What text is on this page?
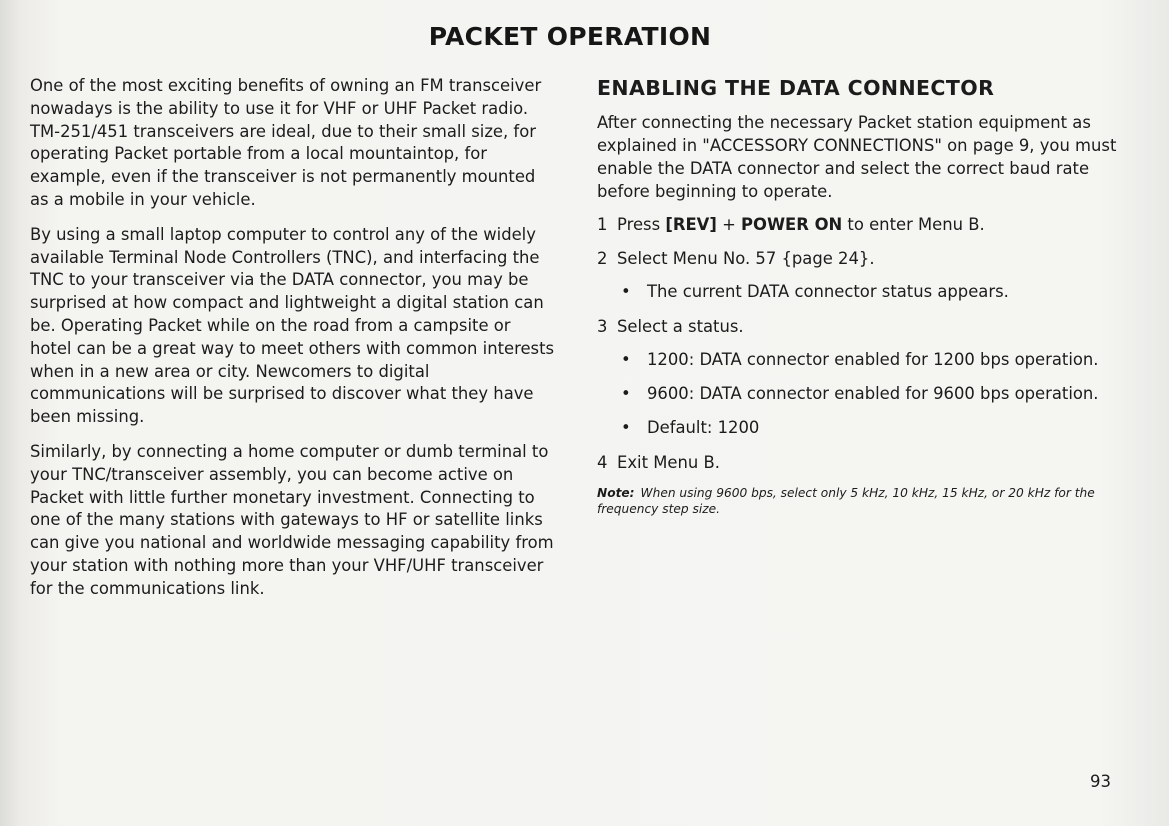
PACKET OPERATION

One of the most exciting benefits of owning an FM transceiver nowadays is the ability to use it for VHF or UHF Packet radio. TM-251/451 transceivers are ideal, due to their small size, for operating Packet portable from a local mountaintop, for example, even if the transceiver is not permanently mounted as a mobile in your vehicle.

By using a small laptop computer to control any of the widely available Terminal Node Controllers (TNC), and interfacing the TNC to your transceiver via the DATA connector, you may be surprised at how compact and lightweight a digital station can be. Operating Packet while on the road from a campsite or hotel can be a great way to meet others with common interests when in a new area or city. Newcomers to digital communications will be surprised to discover what they have been missing.

Similarly, by connecting a home computer or dumb terminal to your TNC/transceiver assembly, you can become active on Packet with little further monetary investment. Connecting to one of the many stations with gateways to HF or satellite links can give you national and worldwide messaging capability from your station with nothing more than your VHF/UHF transceiver for the communications link.

ENABLING THE DATA CONNECTOR
After connecting the necessary Packet station equipment as explained in "ACCESSORY CONNECTIONS" on page 9, you must enable the DATA connector and select the correct baud rate before beginning to operate.
1 Press [REV] + POWER ON to enter Menu B.
2 Select Menu No. 57 {page 24}.
• The current DATA connector status appears.
3 Select a status.
• 1200: DATA connector enabled for 1200 bps operation.
• 9600: DATA connector enabled for 9600 bps operation.
• Default: 1200
4 Exit Menu B.
Note: When using 9600 bps, select only 5 kHz, 10 kHz, 15 kHz, or 20 kHz for the frequency step size.
93
